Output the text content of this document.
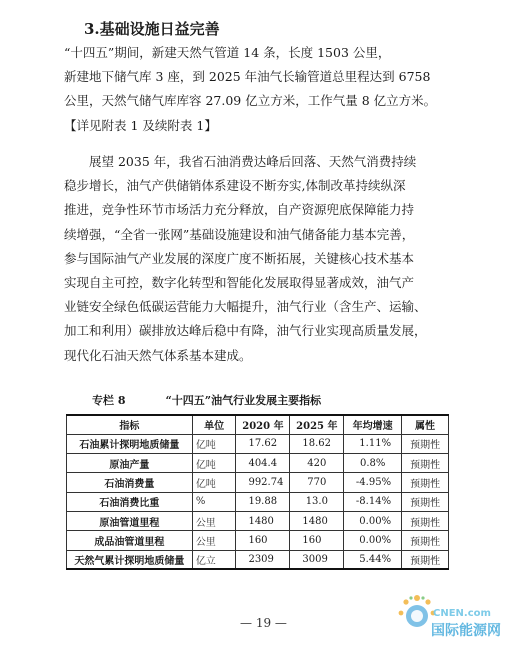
3.基础设施日益完善
“十四五”期间，新建天然气管道 14 条，长度 1503 公里，
新建地下储气库 3 座，到 2025 年油气长输管道总里程达到 6758
公里，天然气储气库库容 27.09 亿立方米，工作气量 8 亿立方米。
【详见附表 1 及续附表 1】
展望 2035 年，我省石油消费达峰后回落、天然气消费持续
稳步增长，油气产供储销体系建设不断夯实,体制改革持续纵深
推进，竞争性环节市场活力充分释放，自产资源兜底保障能力持
续增强，“全省一张网”基础设施建设和油气储备能力基本完善，
参与国际油气产业发展的深度广度不断拓展，关键核心技术基本
实现自主可控，数字化转型和智能化发展取得显著成效，油气产
业链安全绿色低碳运营能力大幅提升，油气行业（含生产、运输、
加工和利用）碳排放达峰后稳中有降，油气行业实现高质量发展，
现代化石油天然气体系基本建成。
专栏 8	“十四五”油气行业发展主要指标
指标	单位	2020 年	2025 年	年均增速	属性
石油累计探明地质储量	亿吨	17.62	18.62	1.11%	预期性
原油产量	亿吨	404.4	420	0.8%	预期性
石油消费量	亿吨	992.74	770	-4.95%	预期性
石油消费比重	%	19.88	13.0	-8.14%	预期性
原油管道里程	公里	1480	1480	0.00%	预期性
成品油管道里程	公里	160	160	0.00%	预期性
天然气累计探明地质储量	亿立	2309	3009	5.44%	预期性
— 19 —
CNEN.com
国际能源网
